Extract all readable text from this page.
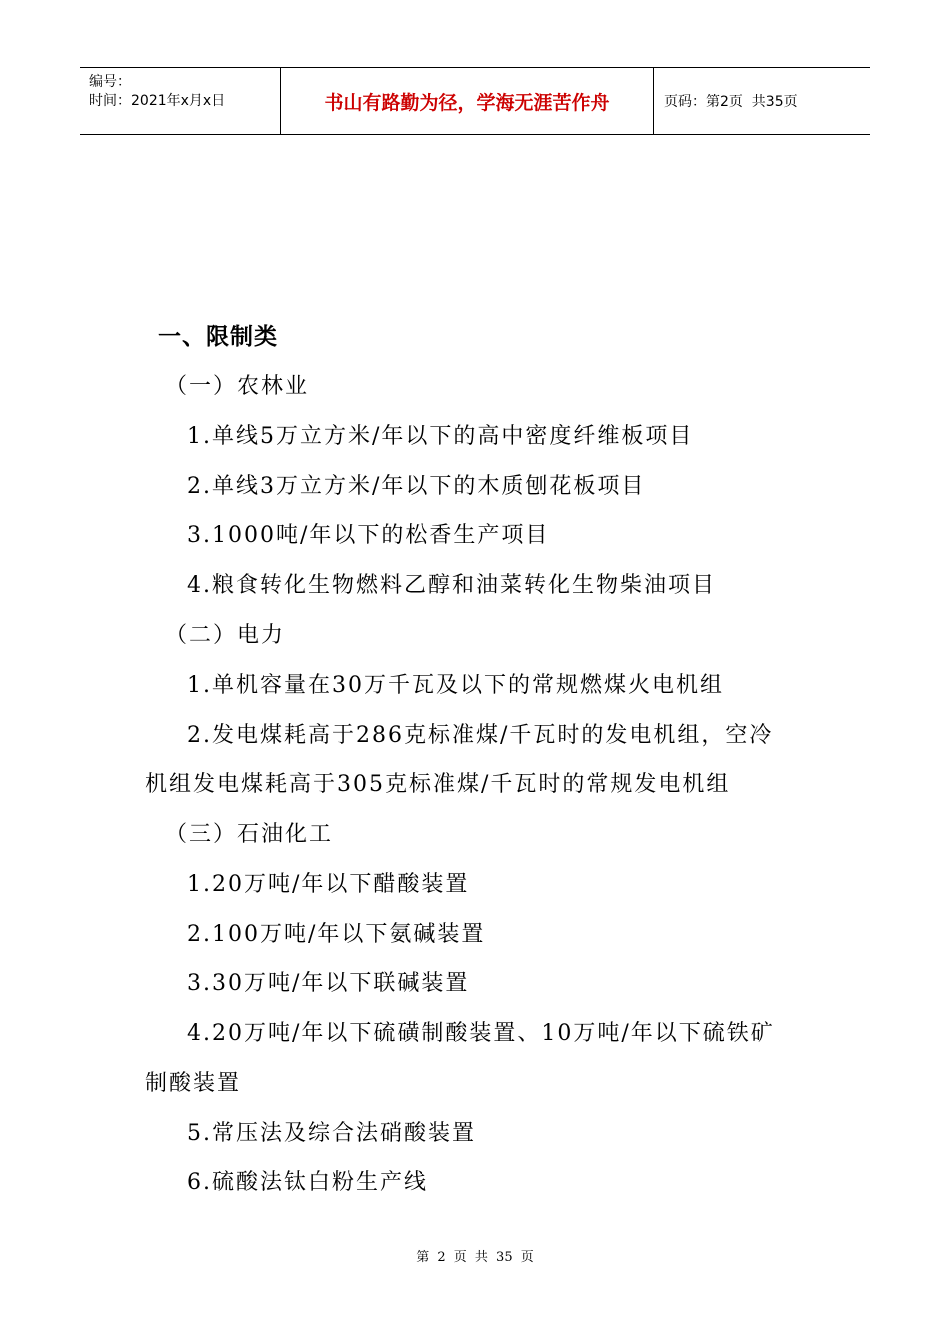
编号：
时间：2021年x月x日	书山有路勤为径，学海无涯苦作舟	页码：第2页  共35页
一、限制类
（一）农林业
1.单线5万立方米/年以下的高中密度纤维板项目
2.单线3万立方米/年以下的木质刨花板项目
3.1000吨/年以下的松香生产项目
4.粮食转化生物燃料乙醇和油菜转化生物柴油项目
（二）电力
1.单机容量在30万千瓦及以下的常规燃煤火电机组
2.发电煤耗高于286克标准煤/千瓦时的发电机组，空冷
机组发电煤耗高于305克标准煤/千瓦时的常规发电机组
（三）石油化工
1.20万吨/年以下醋酸装置
2.100万吨/年以下氨碱装置
3.30万吨/年以下联碱装置
4.20万吨/年以下硫磺制酸装置、10万吨/年以下硫铁矿
制酸装置
5.常压法及综合法硝酸装置
6.硫酸法钛白粉生产线
第 2 页 共 35 页
